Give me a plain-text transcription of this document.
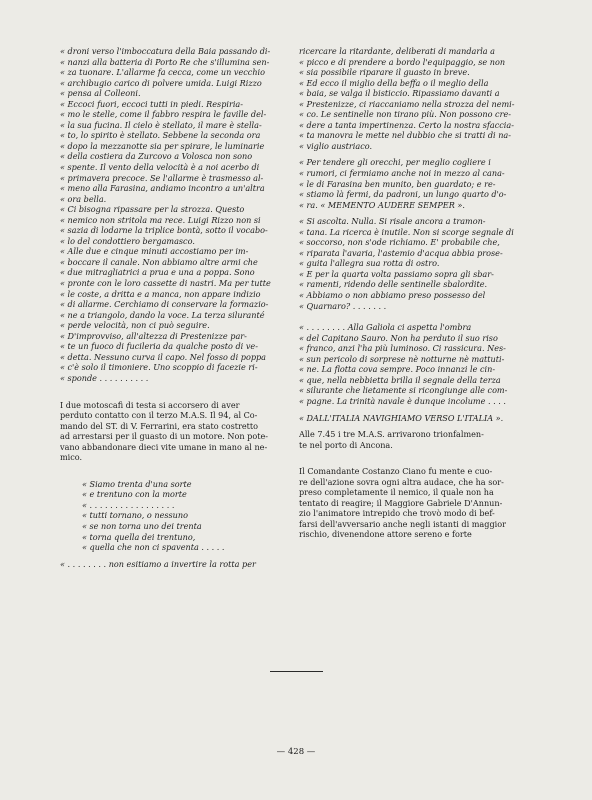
« droni verso l'imboccatura della Baia passando di-
« nanzi alla batteria di Porto Re che s'illumina sen-
« za tuonare. L'allarme fa cecca, come un vecchio
« archibugio carico di polvere umida. Luigi Rizzo
« pensa al Colleoni.
« Eccoci fuori, eccoci tutti in piedi. Respiria-
« mo le stelle, come il fabbro respira le faville del-
« la sua fucina. Il cielo è stellato, il mare è stella-
« to, lo spirito è stellato. Sebbene la seconda ora
« dopo la mezzanotte sia per spirare, le luminarie
« della costiera da Zurcovo a Volosca non sono
« spente. Il vento della velocità è a noi acerbo di
« primavera precoce. Se l'allarme è trasmesso al-
« meno alla Farasina, andiamo incontro a un'altra
« ora bella.
« Ci bisogna ripassare per la strozza. Questo
« nemico non stritola ma rece. Luigi Rizzo non si
« sazia di lodarne la triplice bontà, sotto il vocabo-
« lo del condottiero bergamasco.
« Alle due e cinque minuti accostiamo per im-
« boccare il canale. Non abbiamo altre armi che
« due mitragliatrici a prua e una a poppa. Sono
« pronte con le loro cassette di nastri. Ma per tutte
« le coste, a dritta e a manca, non appare indizio
« di allarme. Cerchiamo di conservare la formazio-
« ne a triangolo, dando la voce. La terza siluranté
« perde velocità, non ci può seguire.
« D'improvviso, all'altezza di Prestenizze par-
« te un fuoco di fucileria da qualche posto di ve-
« detta. Nessuno curva il capo. Nel fosso di poppa
« c'è solo il timoniere. Uno scoppio di facezie ri-
« sponde . . . . . . . . . .
I due motoscafi di testa si accorsero di aver
perduto contatto con il terzo M.A.S. Il 94, al Co-
mando del ST. di V. Ferrarini, era stato costretto
ad arrestarsi per il guasto di un motore. Non pote-
vano abbandonare dieci vite umane in mano al ne-
mico.
« Siamo trenta d'una sorte
« e trentuno con la morte
« . . . . . . . . . . . . . . . . .
« tutti tornano, o nessuno
« se non torna uno dei trenta
« torna quella dei trentuno,
« quella che non ci spaventa . . . . .
« . . . . . . . . non esitiamo a invertire la rotta per
ricercare la ritardante, deliberati di mandarla a
« picco e di prendere a bordo l'equipaggio, se non
« sia possibile riparare il guasto in breve.
« Ed ecco il miglio della beffa o il meglio della
« baia, se valga il bisticcio. Ripassiamo davanti a
« Prestenizze, ci riaccaniamo nella strozza del nemi-
« co. Le sentinelle non tirano più. Non possono cre-
« dere a tanta impertinenza. Certo la nostra sfaccia-
« ta manovra le mette nel dubbio che si tratti di na-
« viglio austriaco.
« Per tendere gli orecchi, per meglio cogliere i
« rumori, ci fermiamo anche noi in mezzo al cana-
« le di Farasina ben munito, ben guardato; e re-
« stiamo là fermi, da padroni, un lungo quarto d'o-
« ra. « MEMENTO AUDERE SEMPER ».
« Si ascolta. Nulla. Si risale ancora a tramon-
« tana. La ricerca è inutile. Non si scorge segnale di
« soccorso, non s'ode richiamo. E' probabile che,
« riparata l'avaria, l'astemio d'acqua abbia prose-
« guita l'allegra sua rotta di ostro.
« E per la quarta volta passiamo sopra gli sbar-
« ramenti, ridendo delle sentinelle sbalordite.
« Abbiamo o non abbiamo preso possesso del
« Quarnaro? . . . . . . .
« . . . . . . . . Alla Galiola ci aspetta l'ombra
« del Capitano Sauro. Non ha perduto il suo riso
« franco, anzi l'ha più luminoso. Ci rassicura. Nes-
« sun pericolo di sorprese nè notturne nè mattuti-
« ne. La flotta cova sempre. Poco innanzi le cin-
« que, nella nebbietta brilla il segnale della terza
« silurante che lietamente si ricongiunge alle com-
« pagne. La trinità navale è dunque incolume . . . .
« DALL'ITALIA NAVIGHIAMO VERSO L'ITALIA ».
Alle 7.45 i tre M.A.S. arrivarono trionfalmen-
te nel porto di Ancona.
Il Comandante Costanzo Ciano fu mente e cuo-
re dell'azione sovra ogni altra audace, che ha sor-
preso completamente il nemico, il quale non ha
tentato di reagire; il Maggiore Gabriele D'Annun-
zio l'animatore intrepido che trovò modo di bef-
farsi dell'avversario anche negli istanti di maggior
rischio, divenendone attore sereno e forte
— 428 —
